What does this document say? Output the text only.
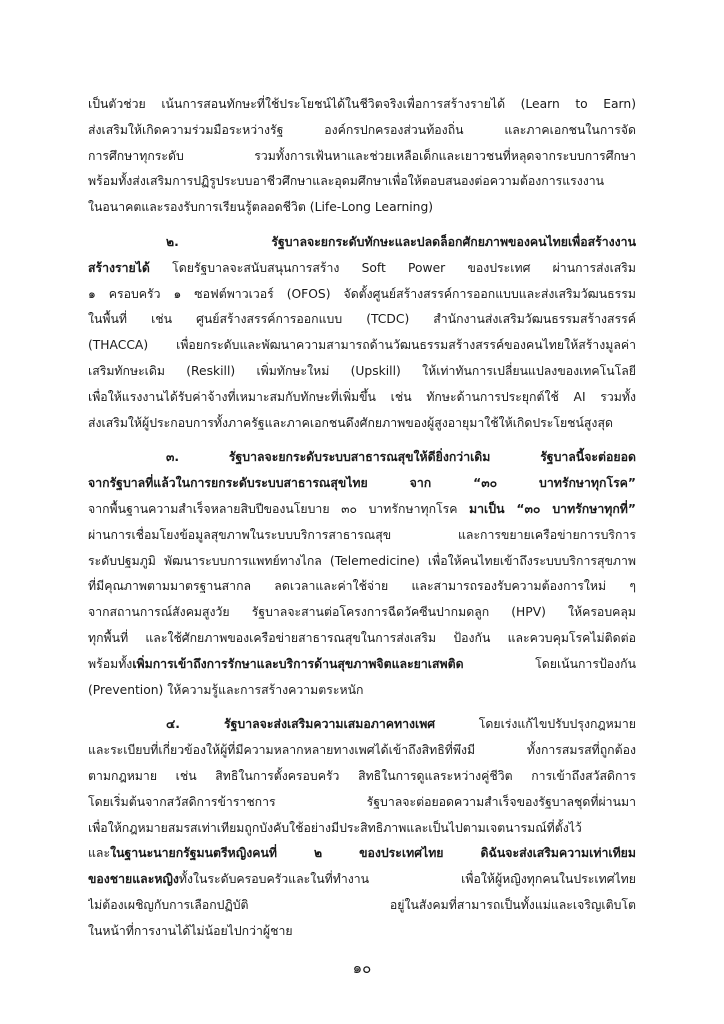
เป็นตัวช่วย เน้นการสอนทักษะที่ใช้ประโยชน์ได้ในชีวิตจริงเพื่อการสร้างรายได้ (Learn to Earn)
ส่งเสริมให้เกิดความร่วมมือระหว่างรัฐ องค์กรปกครองส่วนท้องถิ่น และภาคเอกชนในการจัด
การศึกษาทุกระดับ รวมทั้งการเฟ้นหาและช่วยเหลือเด็กและเยาวชนที่หลุดจากระบบการศึกษา
พร้อมทั้งส่งเสริมการปฏิรูประบบอาชีวศึกษาและอุดมศึกษาเพื่อให้ตอบสนองต่อความต้องการแรงงาน
ในอนาคตและรองรับการเรียนรู้ตลอดชีวิต (Life-Long Learning)
๒. รัฐบาลจะยกระดับทักษะและปลดล็อกศักยภาพของคนไทยเพื่อสร้างงาน
สร้างรายได้ โดยรัฐบาลจะสนับสนุนการสร้าง Soft Power ของประเทศ ผ่านการส่งเสริม
๑ ครอบครัว ๑ ซอฟต์พาวเวอร์ (OFOS) จัดตั้งศูนย์สร้างสรรค์การออกแบบและส่งเสริมวัฒนธรรม
ในพื้นที่ เช่น ศูนย์สร้างสรรค์การออกแบบ (TCDC) สำนักงานส่งเสริมวัฒนธรรมสร้างสรรค์
(THACCA) เพื่อยกระดับและพัฒนาความสามารถด้านวัฒนธรรมสร้างสรรค์ของคนไทยให้สร้างมูลค่า
เสริมทักษะเดิม (Reskill) เพิ่มทักษะใหม่ (Upskill) ให้เท่าทันการเปลี่ยนแปลงของเทคโนโลยี
เพื่อให้แรงงานได้รับค่าจ้างที่เหมาะสมกับทักษะที่เพิ่มขึ้น เช่น ทักษะด้านการประยุกต์ใช้ AI รวมทั้ง
ส่งเสริมให้ผู้ประกอบการทั้งภาครัฐและภาคเอกชนดึงศักยภาพของผู้สูงอายุมาใช้ให้เกิดประโยชน์สูงสุด
๓. รัฐบาลจะยกระดับระบบสาธารณสุขให้ดียิ่งกว่าเดิม รัฐบาลนี้จะต่อยอด
จากรัฐบาลที่แล้วในการยกระดับระบบสาธารณสุขไทย จาก “๓๐ บาทรักษาทุกโรค”
จากพื้นฐานความสำเร็จหลายสิบปีของนโยบาย ๓๐ บาทรักษาทุกโรค มาเป็น “๓๐ บาทรักษาทุกที่”
ผ่านการเชื่อมโยงข้อมูลสุขภาพในระบบบริการสาธารณสุข และการขยายเครือข่ายการบริการ
ระดับปฐมภูมิ พัฒนาระบบการแพทย์ทางไกล (Telemedicine) เพื่อให้คนไทยเข้าถึงระบบบริการสุขภาพ
ที่มีคุณภาพตามมาตรฐานสากล ลดเวลาและค่าใช้จ่าย และสามารถรองรับความต้องการใหม่ ๆ
จากสถานการณ์สังคมสูงวัย รัฐบาลจะสานต่อโครงการฉีดวัคซีนปากมดลูก (HPV) ให้ครอบคลุม
ทุกพื้นที่ และใช้ศักยภาพของเครือข่ายสาธารณสุขในการส่งเสริม ป้องกัน และควบคุมโรคไม่ติดต่อ
พร้อมทั้งเพิ่มการเข้าถึงการรักษาและบริการด้านสุขภาพจิตและยาเสพติด โดยเน้นการป้องกัน
(Prevention) ให้ความรู้และการสร้างความตระหนัก
๔. รัฐบาลจะส่งเสริมความเสมอภาคทางเพศ โดยเร่งแก้ไขปรับปรุงกฎหมาย
และระเบียบที่เกี่ยวข้องให้ผู้ที่มีความหลากหลายทางเพศได้เข้าถึงสิทธิที่พึงมี ทั้งการสมรสที่ถูกต้อง
ตามกฎหมาย เช่น สิทธิในการตั้งครอบครัว สิทธิในการดูแลระหว่างคู่ชีวิต การเข้าถึงสวัสดิการ
โดยเริ่มต้นจากสวัสดิการข้าราชการ รัฐบาลจะต่อยอดความสำเร็จของรัฐบาลชุดที่ผ่านมา
เพื่อให้กฎหมายสมรสเท่าเทียมถูกบังคับใช้อย่างมีประสิทธิภาพและเป็นไปตามเจตนารมณ์ที่ตั้งไว้
และในฐานะนายกรัฐมนตรีหญิงคนที่ ๒ ของประเทศไทย ดิฉันจะส่งเสริมความเท่าเทียม
ของชายและหญิงทั้งในระดับครอบครัวและในที่ทำงาน เพื่อให้ผู้หญิงทุกคนในประเทศไทย
ไม่ต้องเผชิญกับการเลือกปฏิบัติ อยู่ในสังคมที่สามารถเป็นทั้งแม่และเจริญเติบโต
ในหน้าที่การงานได้ไม่น้อยไปกว่าผู้ชาย
๑๐
